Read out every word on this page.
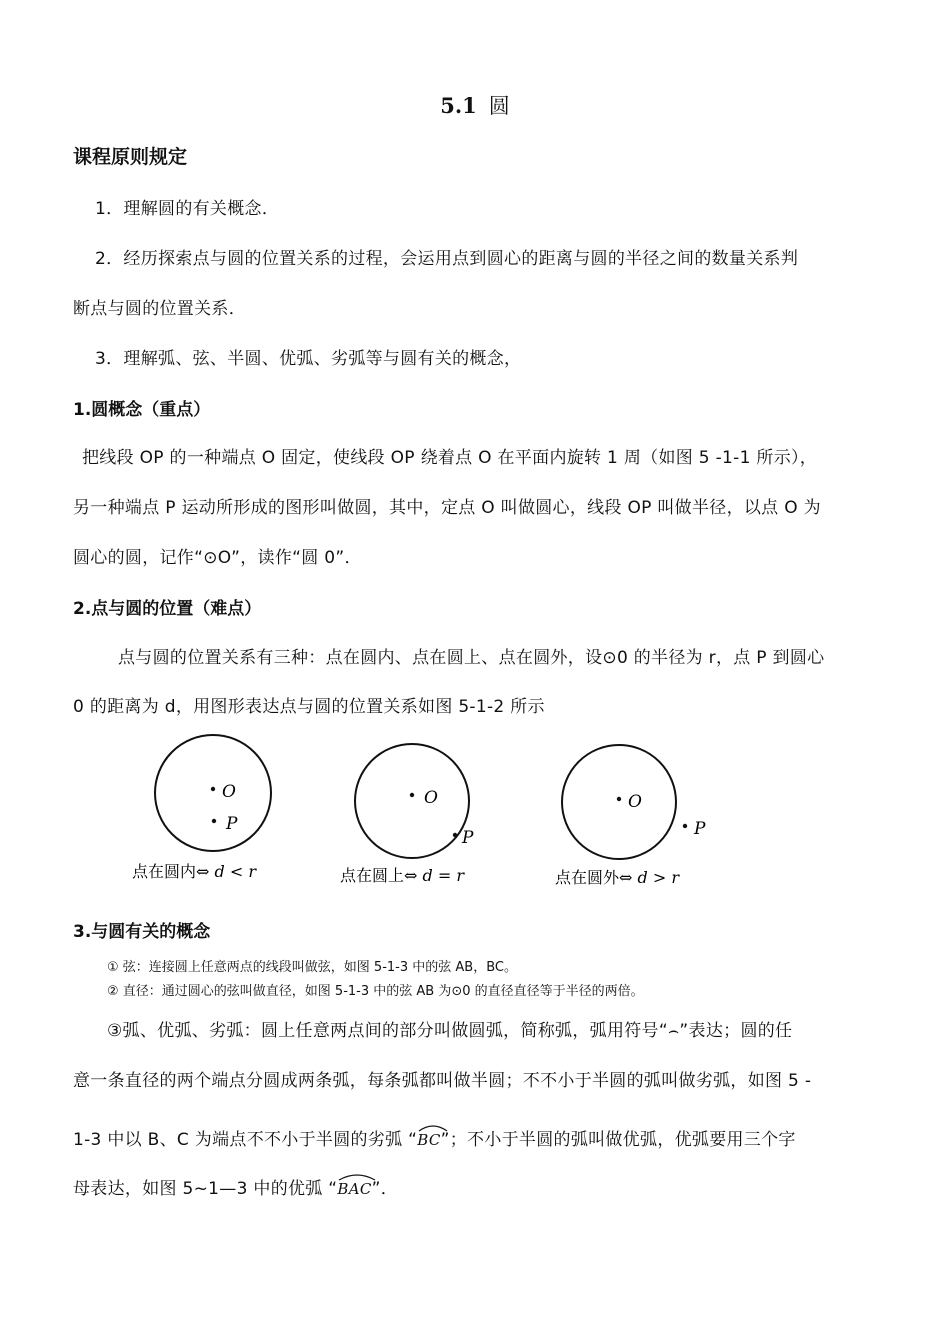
5.1 圆
课程原则规定
1．理解圆的有关概念．
2．经历探索点与圆的位置关系的过程，会运用点到圆心的距离与圆的半径之间的数量关系判
断点与圆的位置关系．
3．理解弧、弦、半圆、优弧、劣弧等与圆有关的概念，
1.圆概念（重点）
把线段 OP 的一种端点 O 固定，使线段 OP 绕着点 O 在平面内旋转 1 周（如图 5 -1-1 所示），
另一种端点 P 运动所形成的图形叫做圆，其中，定点 O 叫做圆心，线段 OP 叫做半径，以点 O 为
圆心的圆，记作“⊙O”，读作“圆 0”．
2.点与圆的位置（难点）
点与圆的位置关系有三种：点在圆内、点在圆上、点在圆外，设⊙0 的半径为 r，点 P 到圆心
0 的距离为 d，用图形表达点与圆的位置关系如图 5-1-2 所示
O
P
点在圆内⇔ d < r
O
P
点在圆上⇔ d = r
O
P
点在圆外⇔ d > r
3.与圆有关的概念
① 弦：连接圆上任意两点的线段叫做弦，如图 5-1-3 中的弦 AB，BC。
② 直径：通过圆心的弦叫做直径，如图 5-1-3 中的弦 AB 为⊙0 的直径直径等于半径的两倍。
③弧、优弧、劣弧：圆上任意两点间的部分叫做圆弧，简称弧，弧用符号“⌢”表达；圆的任
意一条直径的两个端点分圆成两条弧，每条弧都叫做半圆；不不小于半圆的弧叫做劣弧，如图 5 -
1-3 中以 B、C 为端点不不小于半圆的劣弧 “
BC”；不小于半圆的弧叫做优弧，优弧要用三个字
母表达，如图 5~1—3 中的优弧 “
BAC”．
